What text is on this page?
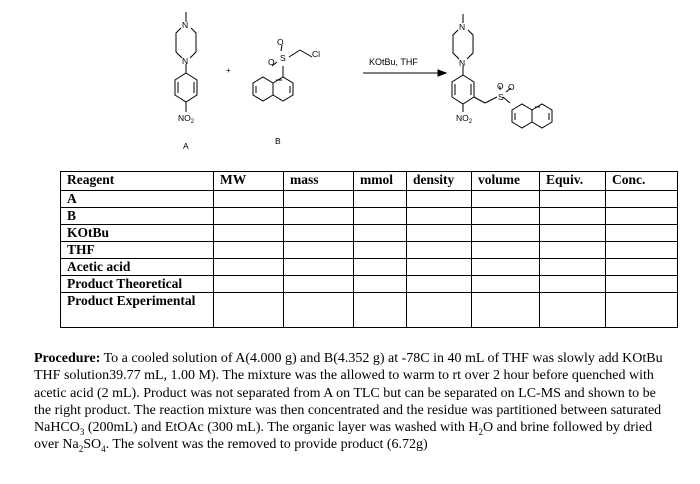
N
N
$NO_2$
A
+
O
O S	Cl
B
KOtBu, THF
N
N
$NO_2$
S
O O
Reagent	MW	mass	mmol	density	volume	Equiv.	Conc.
A							
B							
KOtBu							
THF							
Acetic acid							
Product Theoretical							
Product Experimental							

Procedure: To a cooled solution of A(4.000 g) and B(4.352 g) at -78C in 40 mL of THF was slowly add KOtBu THF solution39.77 mL, 1.00 M). The mixture was the allowed to warm to rt over 2 hour before quenched with acetic acid (2 mL). Product was not separated from A on TLC but can be separated on LC-MS and shown to be the right product. The reaction mixture was then concentrated and the residue was partitioned between saturated NaHCO$_3$ (200mL) and EtOAc (300 mL). The organic layer was washed with $H_2O$ and brine followed by dried over $Na_2SO_4$. The solvent was the removed to provide product (6.72g)
